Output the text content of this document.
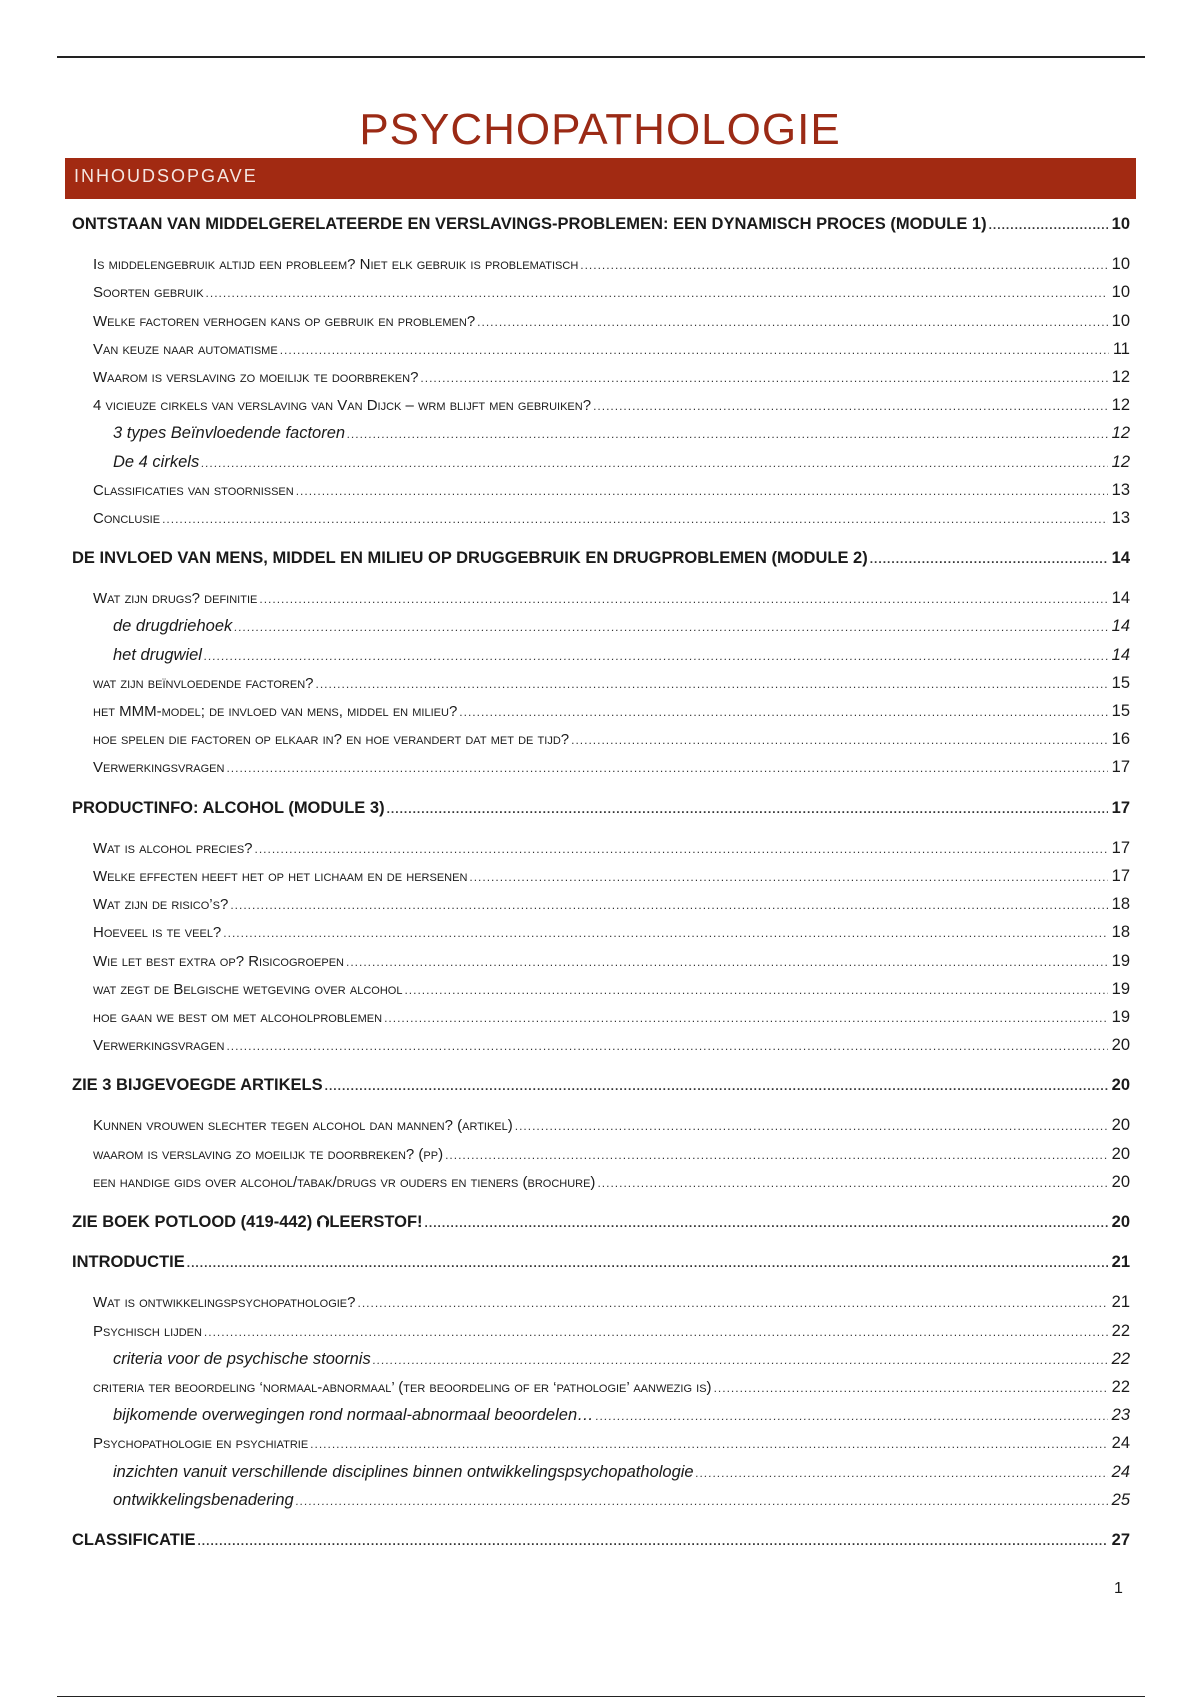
PSYCHOPATHOLOGIE
INHOUDSOPGAVE
ONTSTAAN VAN MIDDELGERELATEERDE EN VERSLAVINGS-PROBLEMEN: EEN DYNAMISCH PROCES (MODULE 1) .....	10
Is middelengebruik altijd een probleem? Niet elk gebruik is problematisch .....	10
Soorten gebruik .....	10
Welke factoren verhogen kans op gebruik en problemen? .....	10
Van keuze naar automatisme .....	11
Waarom is verslaving zo moeilijk te doorbreken? .....	12
4 vicieuze cirkels van verslaving van Van Dijck – wrm blijft men gebruiken? .....	12
3 types Beïnvloedende factoren .....	12
De 4 cirkels .....	12
Classificaties van stoornissen .....	13
Conclusie .....	13
DE INVLOED VAN MENS, MIDDEL EN MILIEU OP DRUGGEBRUIK EN DRUGPROBLEMEN (MODULE 2) .....	14
Wat zijn drugs? definitie .....	14
de drugdriehoek .....	14
het drugwiel .....	14
wat zijn beïnvloedende factoren? .....	15
het MMM-model; de invloed van mens, middel en milieu? .....	15
hoe spelen die factoren op elkaar in? en hoe verandert dat met de tijd? .....	16
Verwerkingsvragen .....	17
PRODUCTINFO: ALCOHOL (MODULE 3) .....	17
Wat is alcohol precies? .....	17
Welke effecten heeft het op het lichaam en de hersenen .....	17
Wat zijn de risico’s? .....	18
Hoeveel is te veel? .....	18
Wie let best extra op? Risicogroepen .....	19
wat zegt de Belgische wetgeving over alcohol .....	19
hoe gaan we best om met alcoholproblemen .....	19
Verwerkingsvragen .....	20
ZIE 3 BIJGEVOEGDE ARTIKELS .....	20
Kunnen vrouwen slechter tegen alcohol dan mannen? (artikel) .....	20
waarom is verslaving zo moeilijk te doorbreken? (pp) .....	20
een handige gids over alcohol/tabak/drugs vr ouders en tieners (brochure) .....	20
ZIE BOEK POTLOOD (419-442) ⮉LEERSTOF! .....	20
INTRODUCTIE .....	21
Wat is ontwikkelingspsychopathologie? .....	21
Psychisch lijden .....	22
criteria voor de psychische stoornis .....	22
criteria ter beoordeling ‘normaal-abnormaal’ (ter beoordeling of er ‘pathologie’ aanwezig is) .....	22
bijkomende overwegingen rond normaal-abnormaal beoordelen… .....	23
Psychopathologie en psychiatrie .....	24
inzichten vanuit verschillende disciplines binnen ontwikkelingspsychopathologie .....	24
ontwikkelingsbenadering .....	25
CLASSIFICATIE .....	27
1
